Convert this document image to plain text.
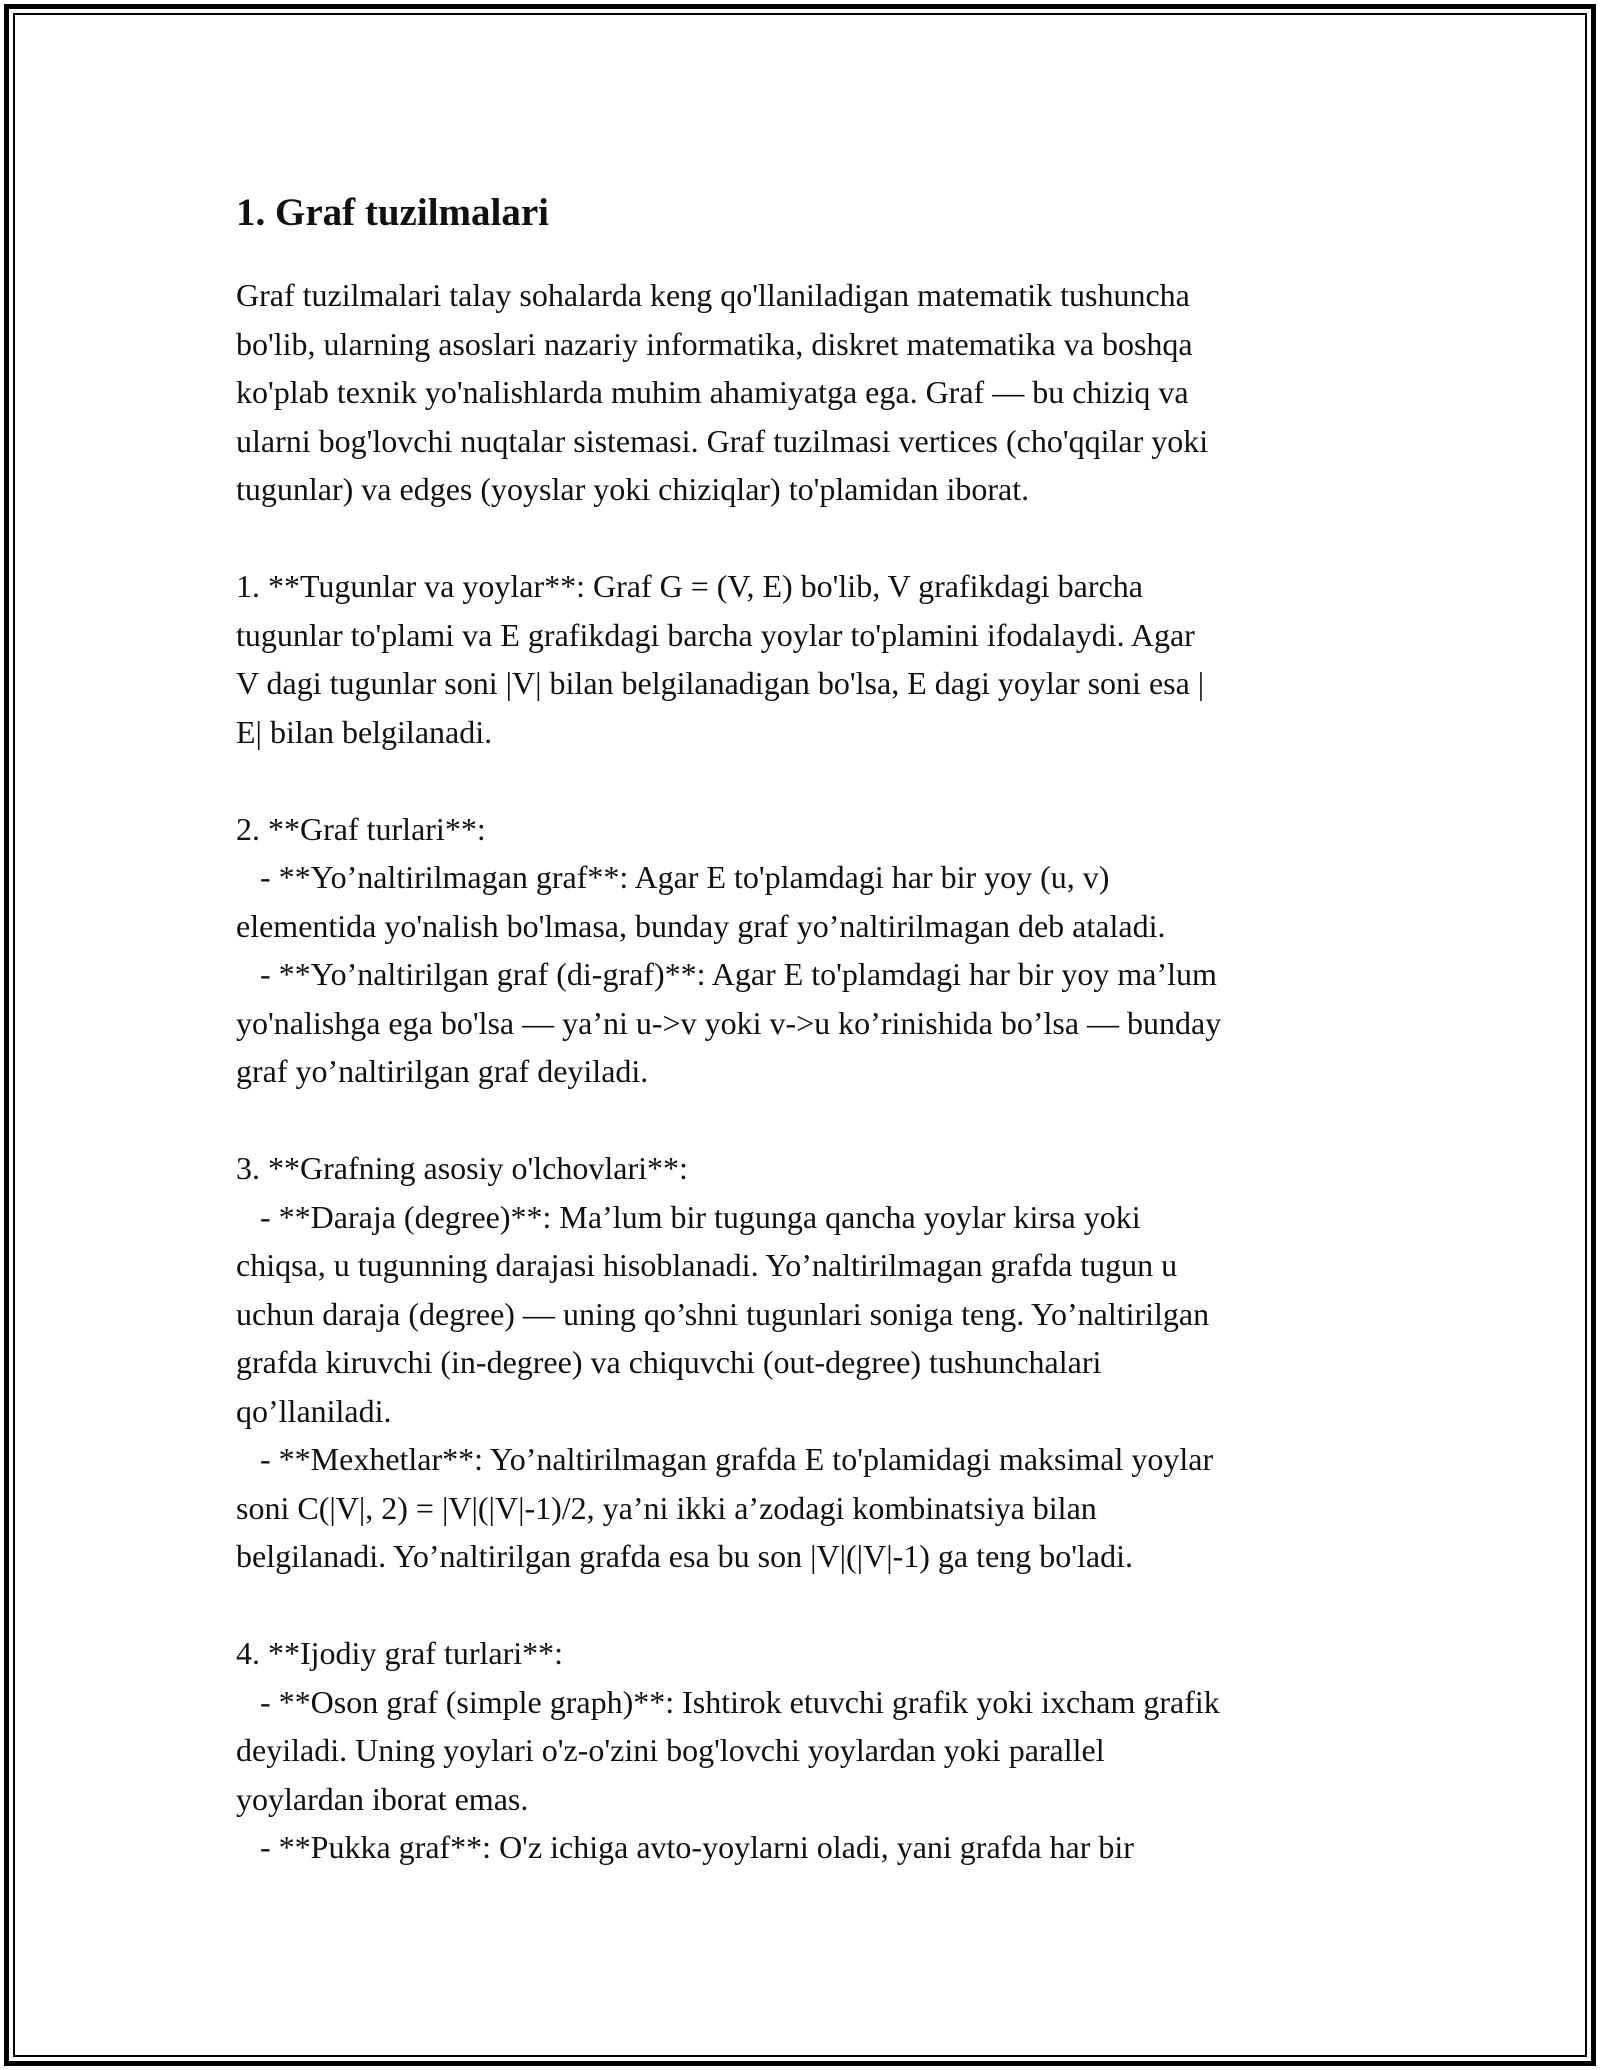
1. Graf tuzilmalari

Graf tuzilmalari talay sohalarda keng qo'llaniladigan matematik tushuncha
bo'lib, ularning asoslari nazariy informatika, diskret matematika va boshqa
ko'plab texnik yo'nalishlarda muhim ahamiyatga ega. Graf — bu chiziq va
ularni bog'lovchi nuqtalar sistemasi. Graf tuzilmasi vertices (cho'qqilar yoki
tugunlar) va edges (yoyslar yoki chiziqlar) to'plamidan iborat.

1. **Tugunlar va yoylar**: Graf G = (V, E) bo'lib, V grafikdagi barcha
tugunlar to'plami va E grafikdagi barcha yoylar to'plamini ifodalaydi. Agar
V dagi tugunlar soni |V| bilan belgilanadigan bo'lsa, E dagi yoylar soni esa |
E| bilan belgilanadi.

2. **Graf turlari**:
- **Yo’naltirilmagan graf**: Agar E to'plamdagi har bir yoy (u, v)
elementida yo'nalish bo'lmasa, bunday graf yo’naltirilmagan deb ataladi.
- **Yo’naltirilgan graf (di-graf)**: Agar E to'plamdagi har bir yoy ma’lum
yo'nalishga ega bo'lsa — ya’ni u->v yoki v->u ko’rinishida bo’lsa — bunday
graf yo’naltirilgan graf deyiladi.

3. **Grafning asosiy o'lchovlari**:
- **Daraja (degree)**: Ma’lum bir tugunga qancha yoylar kirsa yoki
chiqsa, u tugunning darajasi hisoblanadi. Yo’naltirilmagan grafda tugun u
uchun daraja (degree) — uning qo’shni tugunlari soniga teng. Yo’naltirilgan
grafda kiruvchi (in-degree) va chiquvchi (out-degree) tushunchalari
qo’llaniladi.
- **Mexhetlar**: Yo’naltirilmagan grafda E to'plamidagi maksimal yoylar
soni C(|V|, 2) = |V|(|V|-1)/2, ya’ni ikki a’zodagi kombinatsiya bilan
belgilanadi. Yo’naltirilgan grafda esa bu son |V|(|V|-1) ga teng bo'ladi.

4. **Ijodiy graf turlari**:
- **Oson graf (simple graph)**: Ishtirok etuvchi grafik yoki ixcham grafik
deyiladi. Uning yoylari o'z-o'zini bog'lovchi yoylardan yoki parallel
yoylardan iborat emas.
- **Pukka graf**: O'z ichiga avto-yoylarni oladi, yani grafda har bir
